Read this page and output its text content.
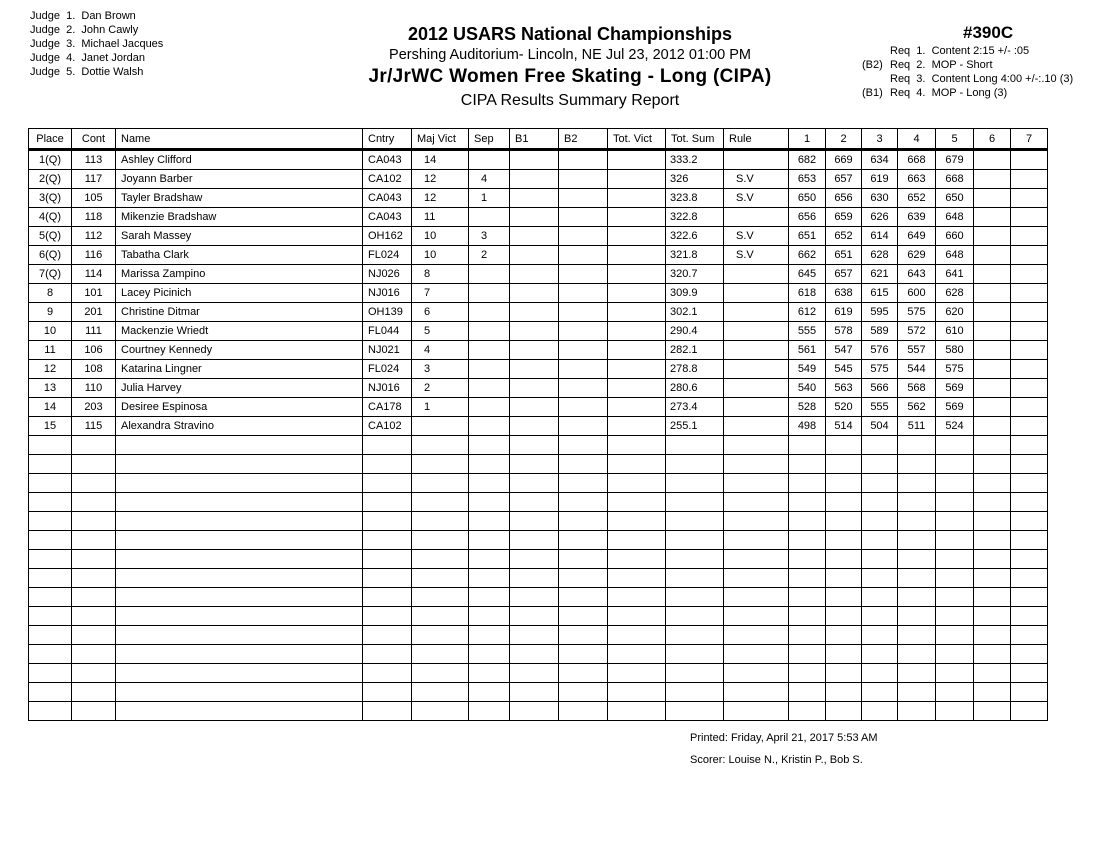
Judge  1.  Dan Brown
Judge  2.  John Cawly
Judge  3.  Michael Jacques
Judge  4.  Janet Jordan
Judge  5.  Dottie Walsh
2012 USARS National Championships
Pershing Auditorium- Lincoln, NE Jul 23, 2012 01:00 PM
Jr/JrWC Women Free Skating - Long (CIPA)
CIPA Results Summary Report
#390C
Req  1.  Content 2:15 +/- :05
(B2) Req  2.  MOP - Short
Req  3.  Content Long 4:00 +/-:.10 (3)
(B1) Req  4.  MOP - Long (3)
Place	Cont	Name	Cntry	Maj Vict	Sep	B1	B2	Tot. Vict	Tot. Sum	Rule	1	2	3	4	5	6	7
1(Q)	113	Ashley Clifford	CA043	14					333.2		682	669	634	668	679		
2(Q)	117	Joyann Barber	CA102	12	4				326	S.V	653	657	619	663	668		
3(Q)	105	Tayler Bradshaw	CA043	12	1				323.8	S.V	650	656	630	652	650		
4(Q)	118	Mikenzie Bradshaw	CA043	11					322.8		656	659	626	639	648		
5(Q)	112	Sarah Massey	OH162	10	3				322.6	S.V	651	652	614	649	660		
6(Q)	116	Tabatha Clark	FL024	10	2				321.8	S.V	662	651	628	629	648		
7(Q)	114	Marissa Zampino	NJ026	8					320.7		645	657	621	643	641		
8	101	Lacey Picinich	NJ016	7					309.9		618	638	615	600	628		
9	201	Christine Ditmar	OH139	6					302.1		612	619	595	575	620		
10	111	Mackenzie Wriedt	FL044	5					290.4		555	578	589	572	610		
11	106	Courtney Kennedy	NJ021	4					282.1		561	547	576	557	580		
12	108	Katarina Lingner	FL024	3					278.8		549	545	575	544	575		
13	110	Julia Harvey	NJ016	2					280.6		540	563	566	568	569		
14	203	Desiree Espinosa	CA178	1					273.4		528	520	555	562	569		
15	115	Alexandra Stravino	CA102						255.1		498	514	504	511	524		

Printed: Friday, April 21, 2017 5:53 AM
Scorer: Louise N., Kristin P., Bob S.
